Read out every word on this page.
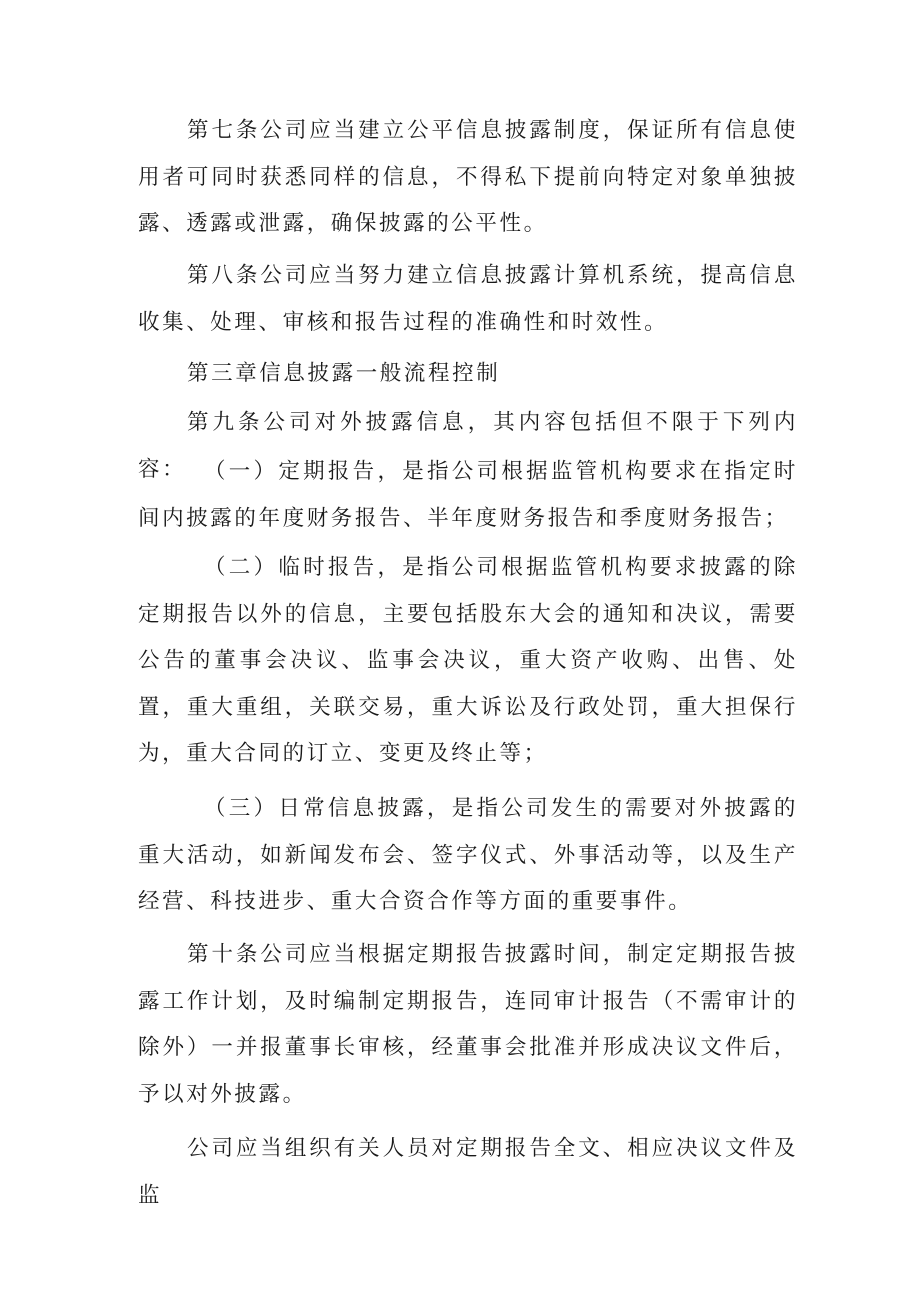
第七条公司应当建立公平信息披露制度，保证所有信息使用者可同时获悉同样的信息，不得私下提前向特定对象单独披露、透露或泄露，确保披露的公平性。

第八条公司应当努力建立信息披露计算机系统，提高信息收集、处理、审核和报告过程的准确性和时效性。

第三章信息披露一般流程控制

第九条公司对外披露信息，其内容包括但不限于下列内容： （一）定期报告，是指公司根据监管机构要求在指定时间内披露的年度财务报告、半年度财务报告和季度财务报告；

（二）临时报告，是指公司根据监管机构要求披露的除定期报告以外的信息，主要包括股东大会的通知和决议，需要公告的董事会决议、监事会决议，重大资产收购、出售、处置，重大重组，关联交易，重大诉讼及行政处罚，重大担保行为，重大合同的订立、变更及终止等；

（三）日常信息披露，是指公司发生的需要对外披露的重大活动，如新闻发布会、签字仪式、外事活动等，以及生产经营、科技进步、重大合资合作等方面的重要事件。

第十条公司应当根据定期报告披露时间，制定定期报告披露工作计划，及时编制定期报告，连同审计报告（不需审计的除外）一并报董事长审核，经董事会批准并形成决议文件后，予以对外披露。

公司应当组织有关人员对定期报告全文、相应决议文件及监
